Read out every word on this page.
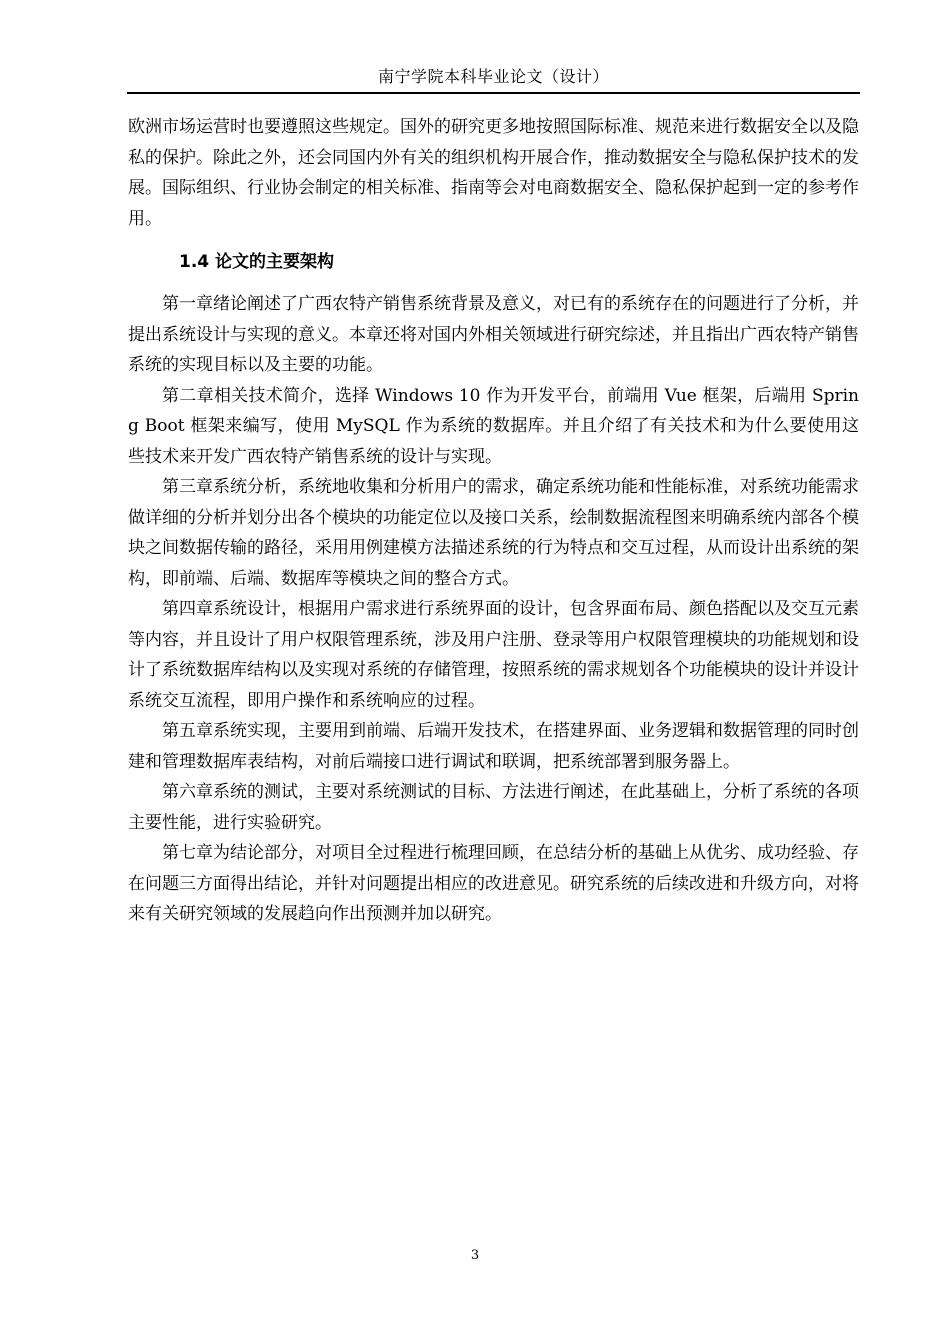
南宁学院本科毕业论文（设计）

欧洲市场运营时也要遵照这些规定。国外的研究更多地按照国际标准、规范来进行数据安全以及隐私的保护。除此之外，还会同国内外有关的组织机构开展合作，推动数据安全与隐私保护技术的发展。国际组织、行业协会制定的相关标准、指南等会对电商数据安全、隐私保护起到一定的参考作用。

1.4 论文的主要架构

第一章绪论阐述了广西农特产销售系统背景及意义，对已有的系统存在的问题进行了分析，并提出系统设计与实现的意义。本章还将对国内外相关领域进行研究综述，并且指出广西农特产销售系统的实现目标以及主要的功能。

第二章相关技术简介，选择 Windows 10 作为开发平台，前端用 Vue 框架，后端用 Spring Boot 框架来编写，使用 MySQL 作为系统的数据库。并且介绍了有关技术和为什么要使用这些技术来开发广西农特产销售系统的设计与实现。

第三章系统分析，系统地收集和分析用户的需求，确定系统功能和性能标准，对系统功能需求做详细的分析并划分出各个模块的功能定位以及接口关系，绘制数据流程图来明确系统内部各个模块之间数据传输的路径，采用用例建模方法描述系统的行为特点和交互过程，从而设计出系统的架构，即前端、后端、数据库等模块之间的整合方式。

第四章系统设计，根据用户需求进行系统界面的设计，包含界面布局、颜色搭配以及交互元素等内容，并且设计了用户权限管理系统，涉及用户注册、登录等用户权限管理模块的功能规划和设计了系统数据库结构以及实现对系统的存储管理，按照系统的需求规划各个功能模块的设计并设计系统交互流程，即用户操作和系统响应的过程。

第五章系统实现，主要用到前端、后端开发技术，在搭建界面、业务逻辑和数据管理的同时创建和管理数据库表结构，对前后端接口进行调试和联调，把系统部署到服务器上。

第六章系统的测试，主要对系统测试的目标、方法进行阐述，在此基础上，分析了系统的各项主要性能，进行实验研究。

第七章为结论部分，对项目全过程进行梳理回顾，在总结分析的基础上从优劣、成功经验、存在问题三方面得出结论，并针对问题提出相应的改进意见。研究系统的后续改进和升级方向，对将来有关研究领域的发展趋向作出预测并加以研究。

3
